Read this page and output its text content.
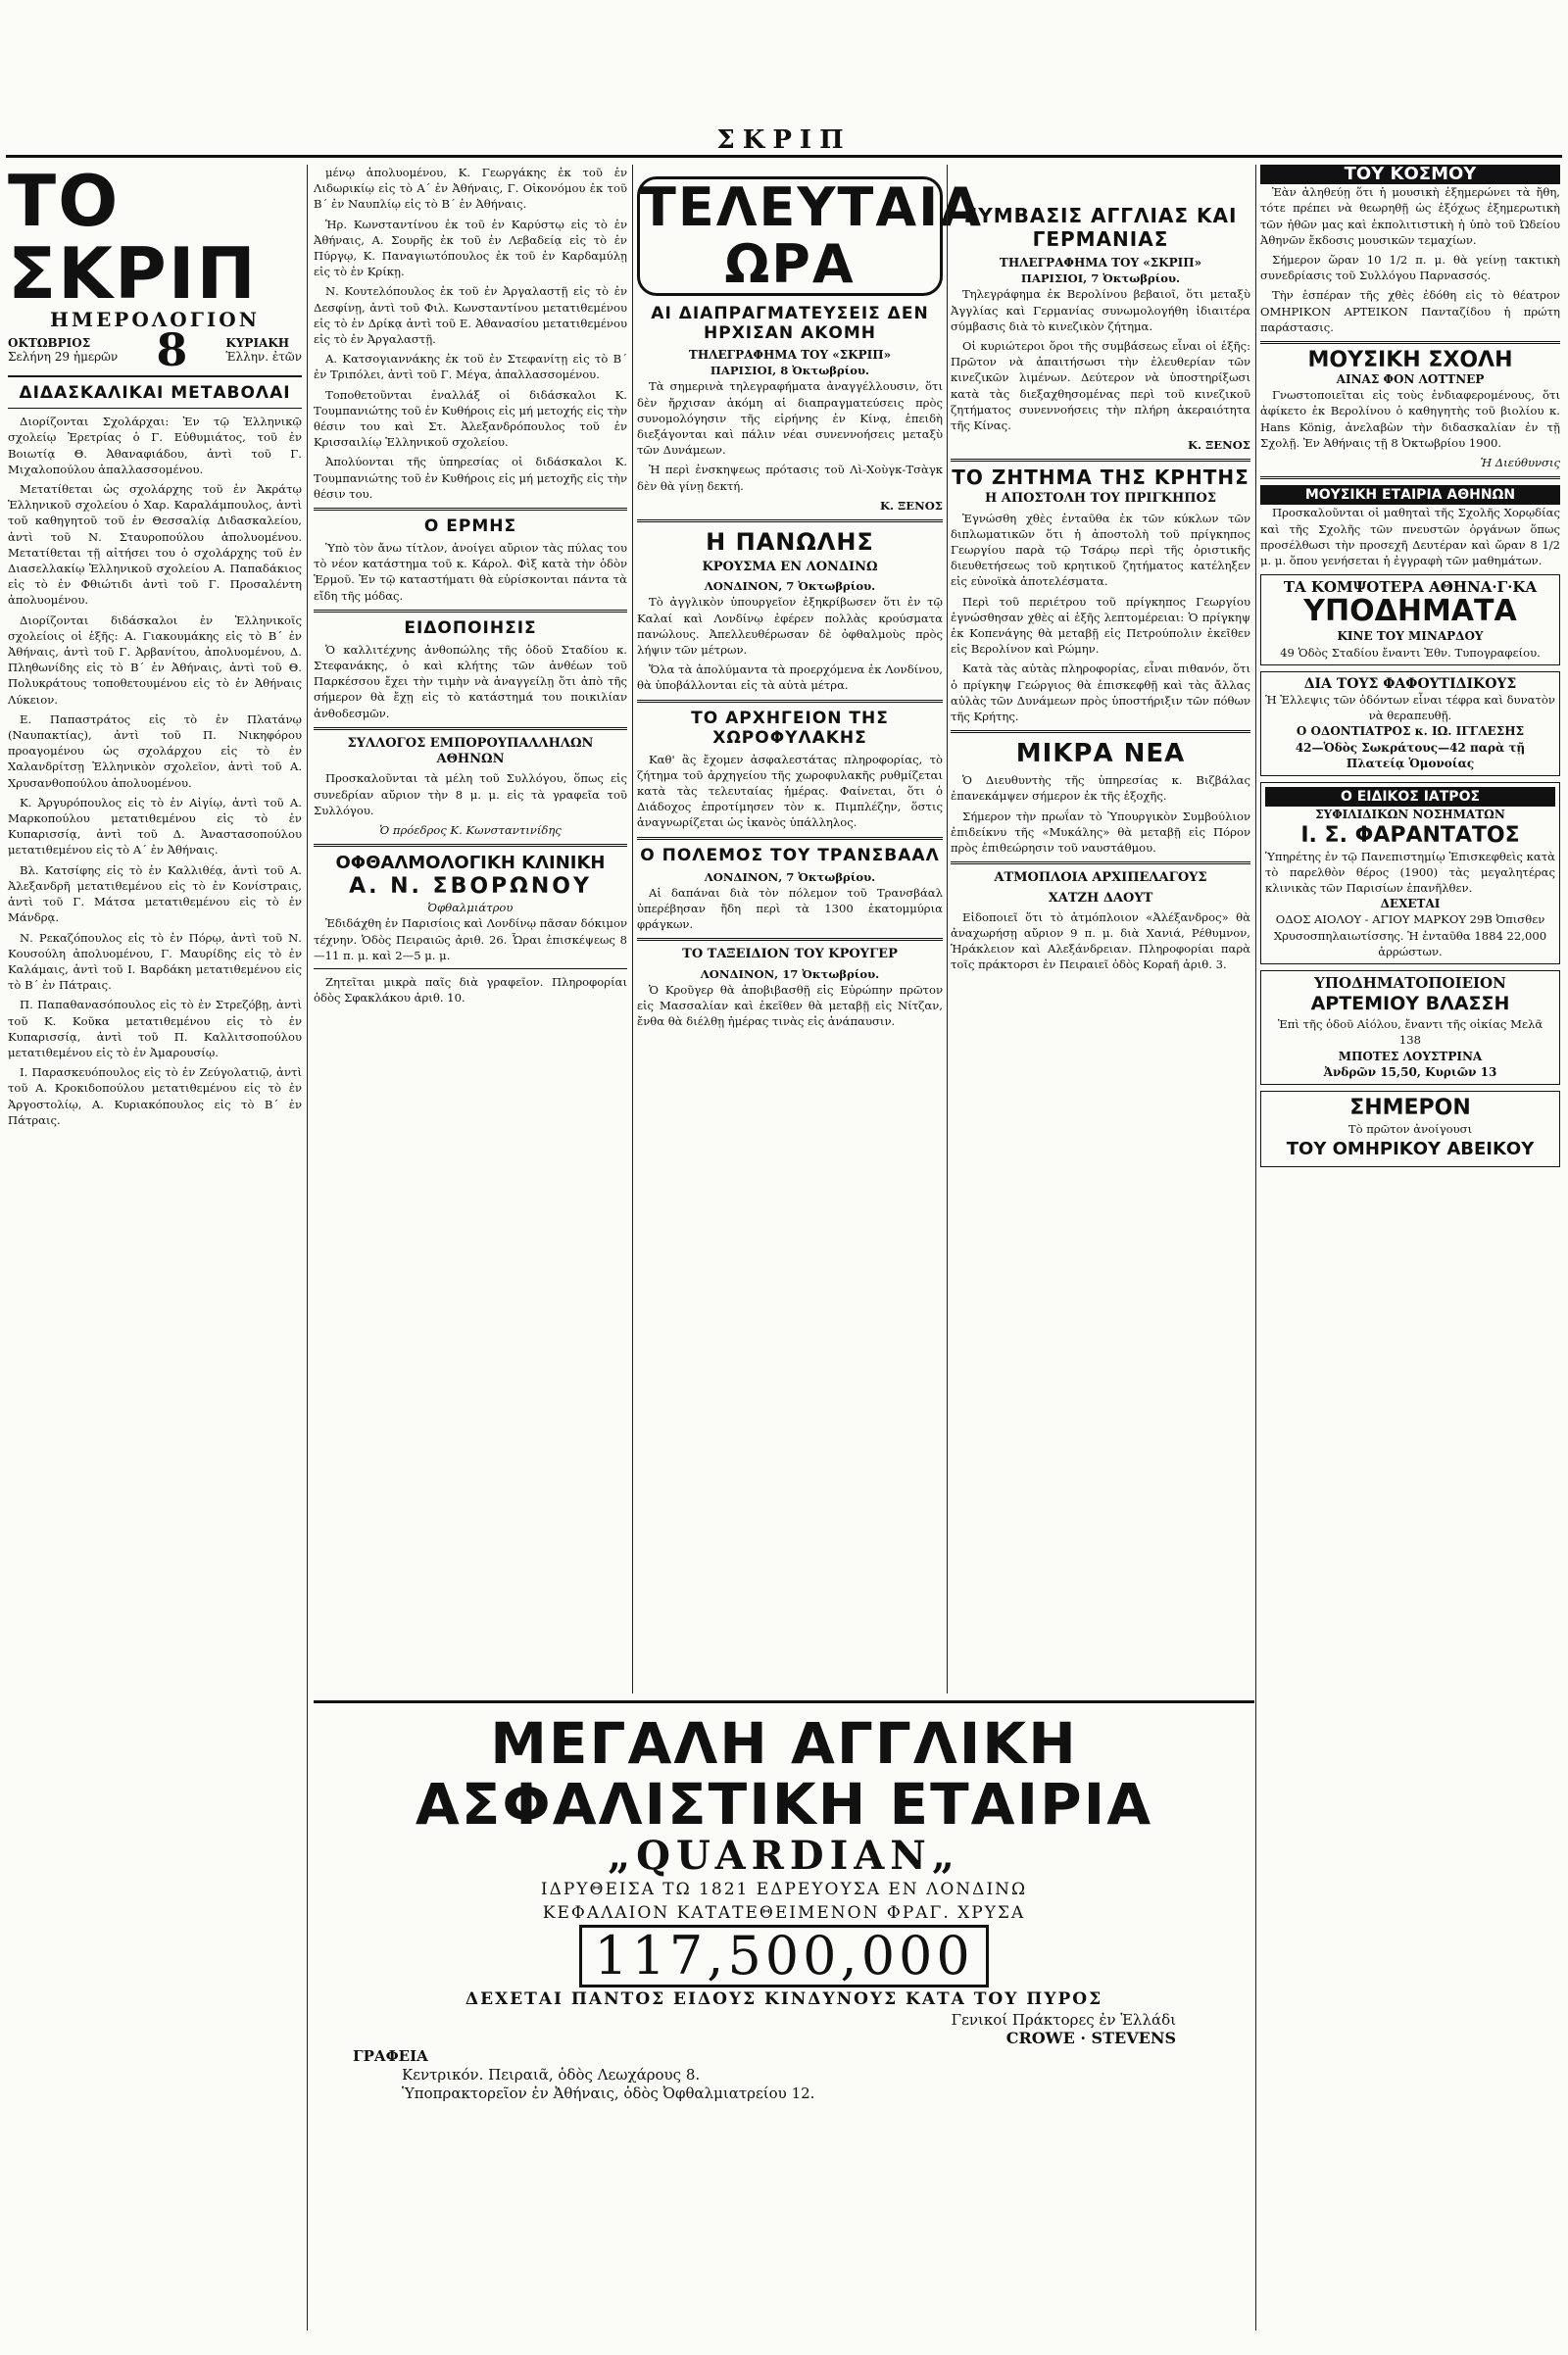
ΣΚΡΙΠ
ΤΟ ΣΚΡΙΠ
ΗΜΕΡΟΛΟΓΙΟΝ
ΟΚΤΩΒΡΙΟΣ
Σελήνη 29 ἡμερῶν 8	ΚΥΡΙΑΚΗ
Ἑλλην. ἐτῶν
ΔΙΔΑΣΚΑΛΙΚΑΙ ΜΕΤΑΒΟΛΑΙ

Διορίζονται Σχολάρχαι: Ἐν τῷ Ἑλληνικῷ σχολείῳ Ἐρετρίας ὁ Γ. Εὐθυμιάτος, τοῦ ἐν Βοιωτίᾳ Θ. Ἀθαναφιάδου, ἀντὶ τοῦ Γ. Μιχαλοπούλου ἀπαλλασσομένου.

Μετατίθεται ὡς σχολάρχης τοῦ ἐν Ἀκράτῳ Ἑλληνικοῦ σχολείου ὁ Χαρ. Καραλάμπουλος, ἀντὶ τοῦ καθηγητοῦ τοῦ ἐν Θεσσαλίᾳ Διδασκαλείου, ἀντὶ τοῦ Ν. Σταυροπούλου ἀπολυομένου. Μετατίθεται τῇ αἰτήσει του ὁ σχολάρχης τοῦ ἐν Διασελλακίῳ Ἑλληνικοῦ σχολείου Α. Παπαδάκιος εἰς τὸ ἐν Φθιώτιδι ἀντὶ τοῦ Γ. Προσαλέντη ἀπολυομένου.

Διορίζονται διδάσκαλοι ἐν Ἑλληνικοῖς σχολείοις οἱ ἑξῆς: Α. Γιακουμάκης εἰς τὸ Β΄ ἐν Ἀθήναις, ἀντὶ τοῦ Γ. Ἀρβανίτου, ἀπολυομένου, Δ. Πληθωνίδης εἰς τὸ Β΄ ἐν Ἀθήναις, ἀντὶ τοῦ Θ. Πολυκράτους τοποθετουμένου εἰς τὸ ἐν Ἀθήναις Λύκειον.

Ε. Παπαστράτος εἰς τὸ ἐν Πλατάνῳ (Ναυπακτίας), ἀντὶ τοῦ Π. Νικηφόρου προαγομένου ὡς σχολάρχου εἰς τὸ ἐν Χαλανδρίτσῃ Ἑλληνικὸν σχολεῖον, ἀντὶ τοῦ Α. Χρυσανθοπούλου ἀπολυομένου.

Κ. Ἀργυρόπουλος εἰς τὸ ἐν Αἰγίῳ, ἀντὶ τοῦ Α. Μαρκοπούλου μετατιθεμένου εἰς τὸ ἐν Κυπαρισσίᾳ, ἀντὶ τοῦ Δ. Ἀναστασοπούλου μετατιθεμένου εἰς τὸ Α΄ ἐν Ἀθήναις.

Βλ. Κατσίφης εἰς τὸ ἐν Καλλιθέᾳ, ἀντὶ τοῦ Α. Ἀλεξανδρῆ μετατιθεμένου εἰς τὸ ἐν Κονίστραις, ἀντὶ τοῦ Γ. Μάτσα μετατιθεμένου εἰς τὸ ἐν Μάνδρᾳ.

Ν. Ρεκαζόπουλος εἰς τὸ ἐν Πόρῳ, ἀντὶ τοῦ Ν. Κουσούλη ἀπολυομένου, Γ. Μαυρίδης εἰς τὸ ἐν Καλάμαις, ἀντὶ τοῦ Ι. Βαρδάκη μετατιθεμένου εἰς τὸ Β΄ ἐν Πάτραις.

Π. Παπαθανασόπουλος εἰς τὸ ἐν Στρεζόβῃ, ἀντὶ τοῦ Κ. Κοῦκα μετατιθεμένου εἰς τὸ ἐν Κυπαρισσίᾳ, ἀντὶ τοῦ Π. Καλλιτσοπούλου μετατιθεμένου εἰς τὸ ἐν Ἀμαρουσίῳ.

Ι. Παρασκευόπουλος εἰς τὸ ἐν Ζεύγολατιῷ, ἀντὶ τοῦ Α. Κροκιδοπούλου μετατιθεμένου εἰς τὸ ἐν Ἀργοστολίῳ, Α. Κυριακόπουλος εἰς τὸ Β΄ ἐν Πάτραις.

μένῳ ἀπολυομένου, Κ. Γεωργάκης ἐκ τοῦ ἐν Λιδωρικίῳ εἰς τὸ Α΄ ἐν Ἀθήναις, Γ. Οἰκονόμου ἐκ τοῦ Β΄ ἐν Ναυπλίῳ εἰς τὸ Β΄ ἐν Ἀθήναις.

Ἡρ. Κωνσταντίνου ἐκ τοῦ ἐν Καρύστῳ εἰς τὸ ἐν Ἀθήναις, Α. Σουρῆς ἐκ τοῦ ἐν Λεβαδείᾳ εἰς τὸ ἐν Πύργῳ, Κ. Παναγιωτόπουλος ἐκ τοῦ ἐν Καρδαμύλῃ εἰς τὸ ἐν Κρίκῃ.

Ν. Κουτελόπουλος ἐκ τοῦ ἐν Ἀργαλαστῇ εἰς τὸ ἐν Δεσφίνῃ, ἀντὶ τοῦ Φιλ. Κωνσταντίνου μετατιθεμένου εἰς τὸ ἐν Δρίκᾳ ἀντὶ τοῦ Ε. Ἀθανασίου μετατιθεμένου εἰς τὸ ἐν Ἀργαλαστῇ.

Α. Κατσογιαννάκης ἐκ τοῦ ἐν Στεφανίτῃ εἰς τὸ Β΄ ἐν Τριπόλει, ἀντὶ τοῦ Γ. Μέγα, ἀπαλλασσομένου.

Τοποθετοῦνται ἐναλλάξ οἱ διδάσκαλοι Κ. Τουμπανιώτης τοῦ ἐν Κυθήροις εἰς μή μετοχής εἰς τὴν θέσιν του καὶ Στ. Ἀλεξανδρόπουλος τοῦ ἐν Κρισσαιλίῳ Ἑλληνικοῦ σχολείου.

Ἀπολύονται τῆς ὑπηρεσίας οἱ διδάσκαλοι Κ. Τουμπανιώτης τοῦ ἐν Κυθήροις εἰς μή μετοχῆς εἰς τὴν θέσιν του.

Ο ΕΡΜΗΣ

Ὑπὸ τὸν ἄνω τίτλον, ἀνοίγει αὔριον τὰς πύλας του τὸ νέον κατάστημα τοῦ κ. Κάρολ. Φὶξ κατὰ τὴν ὁδὸν Ἑρμοῦ. Ἐν τῷ καταστήματι θὰ εὑρίσκονται πάντα τὰ εἴδη τῆς μόδας.

ΕΙΔΟΠΟΙΗΣΙΣ

Ὁ καλλιτέχνης ἀνθοπώλης τῆς ὁδοῦ Σταδίου κ. Στεφανάκης, ὁ καὶ κλήτης τῶν ἀνθέων τοῦ Παρκέσσου ἔχει τὴν τιμὴν νὰ ἀναγγείλῃ ὅτι ἀπὸ τῆς σήμερον θὰ ἔχῃ εἰς τὸ κατάστημά του ποικιλίαν ἀνθοδεσμῶν.

ΣΥΛΛΟΓΟΣ ΕΜΠΟΡΟΥΠΑΛΛΗΛΩΝ ΑΘΗΝΩΝ

Προσκαλοῦνται τὰ μέλη τοῦ Συλλόγου, ὅπως εἰς συνεδρίαν αὔριον τὴν 8 μ. μ. εἰς τὰ γραφεῖα τοῦ Συλλόγου.

Ὁ πρόεδρος Κ. Κωνσταντινίδης
ΟΦΘΑΛΜΟΛΟΓΙΚΗ ΚΛΙΝΙΚΗ
Α. Ν. ΣΒΟΡΩΝΟΥ
Ὀφθαλμιάτρου

Ἐδιδάχθη ἐν Παρισίοις καὶ Λονδίνῳ πᾶσαν δόκιμον τέχνην. Ὁδὸς Πειραιῶς ἀριθ. 26. Ὧραι ἐπισκέψεως 8—11 π. μ. καὶ 2—5 μ. μ.

Ζητεῖται μικρὰ παῖς διὰ γραφεῖον. Πληροφορίαι ὁδὸς Σφακλάκου ἀριθ. 10.

ΤΕΛΕΥΤΑΙΑ ΩΡΑ
ΑΙ ΔΙΑΠΡΑΓΜΑΤΕΥΣΕΙΣ ΔΕΝ ΗΡΧΙΣΑΝ ΑΚΟΜΗ
ΤΗΛΕΓΡΑΦΗΜΑ ΤΟΥ «ΣΚΡΙΠ»
ΠΑΡΙΣΙΟΙ, 8 Ὀκτωβρίου.

Τὰ σημερινὰ τηλεγραφήματα ἀναγγέλλουσιν, ὅτι δὲν ἤρχισαν ἀκόμη αἱ διαπραγματεύσεις πρὸς συνομολόγησιν τῆς εἰρήνης ἐν Κίνᾳ, ἐπειδὴ διεξάγονται καὶ πάλιν νέαι συνεννοήσεις μεταξὺ τῶν Δυνάμεων.

Ἡ περὶ ἐνσκηψεως πρότασις τοῦ Λὶ-Χοὺγκ-Τσὰγκ δὲν θὰ γίνῃ δεκτή.

Κ. ΞΕΝΟΣ
Η ΠΑΝΩΛΗΣ
ΚΡΟΥΣΜΑ ΕΝ ΛΟΝΔΙΝΩ
ΛΟΝΔΙΝΟΝ, 7 Ὀκτωβρίου.

Τὸ ἀγγλικὸν ὑπουργεῖον ἐξηκρίβωσεν ὅτι ἐν τῷ Καλαί καὶ Λονδίνῳ ἐφέρεν πολλὰς κρούσματα πανώλους. Ἀπελλευθέρωσαν δὲ ὀφθαλμοὺς πρὸς λήψιν τῶν μέτρων.

Ὅλα τὰ ἀπολύμαντα τὰ προερχόμενα ἐκ Λονδίνου, θὰ ὑποβάλλονται εἰς τὰ αὐτὰ μέτρα.

ΤΟ ΑΡΧΗΓΕΙΟΝ ΤΗΣ ΧΩΡΟΦΥΛΑΚΗΣ

Καθ' ἃς ἔχομεν ἀσφαλεστάτας πληροφορίας, τὸ ζήτημα τοῦ ἀρχηγείου τῆς χωροφυλακῆς ρυθμίζεται κατὰ τὰς τελευταίας ἡμέρας. Φαίνεται, ὅτι ὁ Διάδοχος ἐπροτίμησεν τὸν κ. Πιμπλέζην, ὅστις ἀναγνωρίζεται ὡς ἱκανὸς ὑπάλληλος.

Ο ΠΟΛΕΜΟΣ ΤΟΥ ΤΡΑΝΣΒΑΑΛ
ΛΟΝΔΙΝΟΝ, 7 Ὀκτωβρίου.

Αἱ δαπάναι διὰ τὸν πόλεμον τοῦ Τρανσβάαλ ὑπερέβησαν ἤδη περὶ τὰ 1300 ἑκατομμύρια φράγκων.

ΤΟ ΤΑΞΕΙΔΙΟΝ ΤΟΥ ΚΡΟΥΓΕΡ
ΛΟΝΔΙΝΟΝ, 17 Ὀκτωβρίου.

Ὁ Κροῦγερ θὰ ἀποβιβασθῇ εἰς Εὐρώπην πρῶτον εἰς Μασσαλίαν καὶ ἐκεῖθεν θὰ μεταβῇ εἰς Νίτζαν, ἔνθα θὰ διέλθῃ ἡμέρας τινὰς εἰς ἀνάπαυσιν.

ΣΥΜΒΑΣΙΣ ΑΓΓΛΙΑΣ ΚΑΙ ΓΕΡΜΑΝΙΑΣ
ΤΗΛΕΓΡΑΦΗΜΑ ΤΟΥ «ΣΚΡΙΠ»
ΠΑΡΙΣΙΟΙ, 7 Ὀκτωβρίου.

Τηλεγράφημα ἐκ Βερολίνου βεβαιοῖ, ὅτι μεταξὺ Ἀγγλίας καὶ Γερμανίας συνωμολογήθη ἰδιαιτέρα σύμβασις διὰ τὸ κινεζικὸν ζήτημα.

Οἱ κυριώτεροι ὅροι τῆς συμβάσεως εἶναι οἱ ἑξῆς: Πρῶτον νὰ ἀπαιτήσωσι τὴν ἐλευθερίαν τῶν κινεζικῶν λιμένων. Δεύτερον νὰ ὑποστηρίξωσι κατὰ τὰς διεξαχθησομένας περὶ τοῦ κινεζικοῦ ζητήματος συνεννοήσεις τὴν πλήρη ἀκεραιότητα τῆς Κίνας.

Κ. ΞΕΝΟΣ
ΤΟ ΖΗΤΗΜΑ ΤΗΣ ΚΡΗΤΗΣ
Η ΑΠΟΣΤΟΛΗ ΤΟΥ ΠΡΙΓΚΗΠΟΣ

Ἐγνώσθη χθὲς ἐνταῦθα ἐκ τῶν κύκλων τῶν διπλωματικῶν ὅτι ἡ ἀποστολὴ τοῦ πρίγκηπος Γεωργίου παρὰ τῷ Τσάρῳ περὶ τῆς ὁριστικῆς διευθετήσεως τοῦ κρητικοῦ ζητήματος κατέληξεν εἰς εὐνοϊκὰ ἀποτελέσματα.

Περὶ τοῦ περιέτρου τοῦ πρίγκηπος Γεωργίου ἐγνώσθησαν χθὲς αἱ ἑξῆς λεπτομέρειαι: Ὁ πρίγκηψ ἐκ Κοπενάγης θὰ μεταβῇ εἰς Πετρούπολιν ἐκεῖθεν εἰς Βερολίνον καὶ Ρώμην.

Κατὰ τὰς αὐτὰς πληροφορίας, εἶναι πιθανόν, ὅτι ὁ πρίγκηψ Γεώργιος θὰ ἐπισκεφθῇ καὶ τὰς ἄλλας αὐλὰς τῶν Δυνάμεων πρὸς ὑποστήριξιν τῶν πόθων τῆς Κρήτης.

ΜΙΚΡΑ ΝΕΑ

Ὁ Διευθυντὴς τῆς ὑπηρεσίας κ. Βιζβάλας ἐπανεκάμψεν σήμερον ἐκ τῆς ἐξοχῆς.

Σήμερον τὴν πρωΐαν τὸ Ὑπουργικὸν Συμβούλιον ἐπιδείκνυ τῆς «Μυκάλης» θὰ μεταβῇ εἰς Πόρον πρὸς ἐπιθεώρησιν τοῦ ναυστάθμου.

ΑΤΜΟΠΛΟΙΑ ΑΡΧΙΠΕΛΑΓΟΥΣ
ΧΑΤΖΗ ΔΑΟΥΤ

Εἰδοποιεῖ ὅτι τὸ ἀτμόπλοιον «Ἀλέξανδρος» θὰ ἀναχωρήσῃ αὔριον 9 π. μ. διὰ Χανιά, Ρέθυμνον, Ἡράκλειον καὶ Αλεξάνδρειαν. Πληροφορίαι παρὰ τοῖς πράκτορσι ἐν Πειραιεῖ ὁδὸς Κοραῆ ἀριθ. 3.

ΤΟΥ ΚΟΣΜΟΥ

Ἐὰν ἀληθεύῃ ὅτι ἡ μουσικὴ ἐξημερώνει τὰ ἤθη, τότε πρέπει νὰ θεωρηθῇ ὡς ἐξόχως ἐξημερωτικὴ τῶν ἠθῶν μας καὶ ἐκπολιτιστικὴ ἡ ὑπὸ τοῦ Ὠδείου Ἀθηνῶν ἔκδοσις μουσικῶν τεμαχίων.

Σήμερον ὥραν 10 1/2 π. μ. θὰ γείνῃ τακτικὴ συνεδρίασις τοῦ Συλλόγου Παρνασσός.

Τὴν ἑσπέραν τῆς χθὲς ἐδόθη εἰς τὸ θέατρον ΟΜΗΡΙΚΟΝ ΑΡΤΕΙΚΟΝ Πανταζίδου ἡ πρώτη παράστασις.

ΜΟΥΣΙΚΗ ΣΧΟΛΗ
ΑΙΝΑΣ ΦΟΝ ΛΟΤΤΝΕΡ

Γνωστοποιεῖται εἰς τοὺς ἐνδιαφερομένους, ὅτι ἀφίκετο ἐκ Βερολίνου ὁ καθηγητὴς τοῦ βιολίου κ. Hans König, ἀνελαβὼν τὴν διδασκαλίαν ἐν τῇ Σχολῇ. Ἐν Ἀθήναις τῇ 8 Ὀκτωβρίου 1900.

Ἡ Διεύθυνσις
ΜΟΥΣΙΚΗ ΕΤΑΙΡΙΑ ΑΘΗΝΩΝ

Προσκαλοῦνται οἱ μαθηταὶ τῆς Σχολῆς Χορῳδίας καὶ τῆς Σχολῆς τῶν πνευστῶν ὀργάνων ὅπως προσέλθωσι τὴν προσεχῆ Δευτέραν καὶ ὥραν 8 1/2 μ. μ. ὅπου γενήσεται ἡ ἐγγραφὴ τῶν μαθημάτων.

ΤΑ ΚΟΜΨΟΤΕΡΑ ΑΘΗΝΑ·Γ·ΚΑ
ΥΠΟΔΗΜΑΤΑ
ΚΙΝΕ ΤΟΥ ΜΙΝΑΡΔΟΥ
49 Ὁδὸς Σταδίου ἔναντι Ἐθν. Τυπογραφείου.
ΔΙΑ ΤΟΥΣ ΦΑΦΟΥΤΙΔΙΚΟΥΣ
Ἡ Ἑλλεψις τῶν ὀδόντων εἶναι τέφρα καὶ δυνατὸν νὰ θεραπευθῇ.
Ο ΟΔΟΝΤΙΑΤΡΟΣ κ. ΙΩ. ΙΓΓΛΕΣΗΣ
42—Ὁδὸς Σωκράτους—42 παρὰ τῇ Πλατείᾳ Ὁμονοίας
Ο ΕΙΔΙΚΟΣ ΙΑΤΡΟΣ
ΣΥΦΙΛΙΔΙΚΩΝ ΝΟΣΗΜΑΤΩΝ
Ι. Σ. ΦΑΡΑΝΤΑΤΟΣ
Ὑπηρέτης ἐν τῷ Πανεπιστημίῳ Ἐπισκεφθεὶς κατὰ τὸ παρελθὸν θέρος (1900) τὰς μεγαλητέρας κλινικὰς τῶν Παρισίων ἐπανῆλθεν.
ΔΕΧΕΤΑΙ
ΟΔΟΣ ΑΙΟΛΟΥ - ΑΓΙΟΥ ΜΑΡΚΟΥ 29Β Ὀπισθεν Χρυσοσπηλαιωτίσσης. Ἡ ἐνταῦθα 1884 22,000 ἀρρώστων.
ΥΠΟΔΗΜΑΤΟΠΟΙΕΙΟΝ
ΑΡΤΕΜΙΟΥ ΒΛΑΣΣΗ
Ἐπὶ τῆς ὁδοῦ Αἰόλου, ἔναντι τῆς οἰκίας Μελᾶ 138
ΜΠΟΤΕΣ ΛΟΥΣΤΡΙΝΑ
Ἀνδρῶν 15,50, Κυριῶν 13
ΣΗΜΕΡΟΝ
Τὸ πρῶτον ἀνοίγουσι
ΤΟΥ ΟΜΗΡΙΚΟΥ ΑΒΕΙΚΟΥ
ΜΕΓΑΛΗ ΑΓΓΛΙΚΗ ΑΣΦΑΛΙΣΤΙΚΗ ΕΤΑΙΡΙΑ
„QUARDIAN„
ΙΔΡΥΘΕΙΣΑ ΤΩ 1821 ΕΔΡΕΥΟΥΣΑ ΕΝ ΛΟΝΔΙΝΩ
ΚΕΦΑΛΑΙΟΝ ΚΑΤΑΤΕΘΕΙΜΕΝΟΝ ΦΡΑΓ. ΧΡΥΣΑ
117,500,000
ΔΕΧΕΤΑΙ ΠΑΝΤΟΣ ΕΙΔΟΥΣ ΚΙΝΔΥΝΟΥΣ ΚΑΤΑ ΤΟΥ ΠΥΡΟΣ
Γενικοί Πράκτορες ἐν Ἑλλάδι
CROWE · STEVENS
ΓΡΑΦΕΙΑ
Κεντρικόν. Πειραιᾶ, ὁδὸς Λεωχάρους 8.
Ὑποπρακτορεῖον ἐν Ἀθήναις, ὁδὸς Ὀφθαλμιατρείου 12.
